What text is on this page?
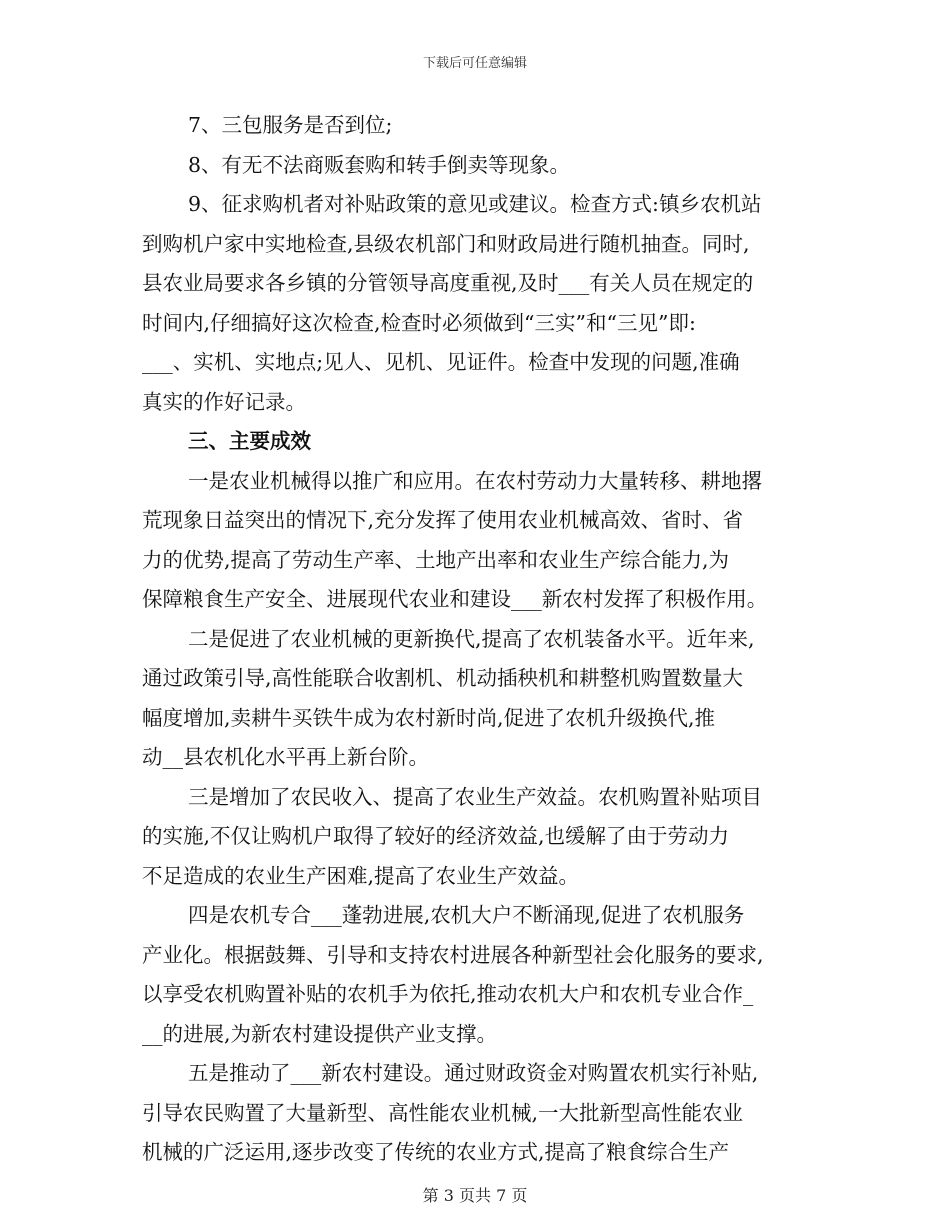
下载后可任意编辑
7、三包服务是否到位;
8、有无不法商贩套购和转手倒卖等现象。
9、征求购机者对补贴政策的意见或建议。检查方式:镇乡农机站
到购机户家中实地检查,县级农机部门和财政局进行随机抽查。同时,
县农业局要求各乡镇的分管领导高度重视,及时___有关人员在规定的
时间内,仔细搞好这次检查,检查时必须做到“三实”和“三见”即:
___、实机、实地点;见人、见机、见证件。检查中发现的问题,准确
真实的作好记录。
三、主要成效
一是农业机械得以推广和应用。在农村劳动力大量转移、耕地撂
荒现象日益突出的情况下,充分发挥了使用农业机械高效、省时、省
力的优势,提高了劳动生产率、土地产出率和农业生产综合能力,为
保障粮食生产安全、进展现代农业和建设___新农村发挥了积极作用。
二是促进了农业机械的更新换代,提高了农机装备水平。近年来,
通过政策引导,高性能联合收割机、机动插秧机和耕整机购置数量大
幅度增加,卖耕牛买铁牛成为农村新时尚,促进了农机升级换代,推
动__县农机化水平再上新台阶。
三是增加了农民收入、提高了农业生产效益。农机购置补贴项目
的实施,不仅让购机户取得了较好的经济效益,也缓解了由于劳动力
不足造成的农业生产困难,提高了农业生产效益。
四是农机专合___蓬勃进展,农机大户不断涌现,促进了农机服务
产业化。根据鼓舞、引导和支持农村进展各种新型社会化服务的要求,
以享受农机购置补贴的农机手为依托,推动农机大户和农机专业合作_
__的进展,为新农村建设提供产业支撑。
五是推动了___新农村建设。通过财政资金对购置农机实行补贴,
引导农民购置了大量新型、高性能农业机械,一大批新型高性能农业
机械的广泛运用,逐步改变了传统的农业方式,提高了粮食综合生产
第 3 页共 7 页
